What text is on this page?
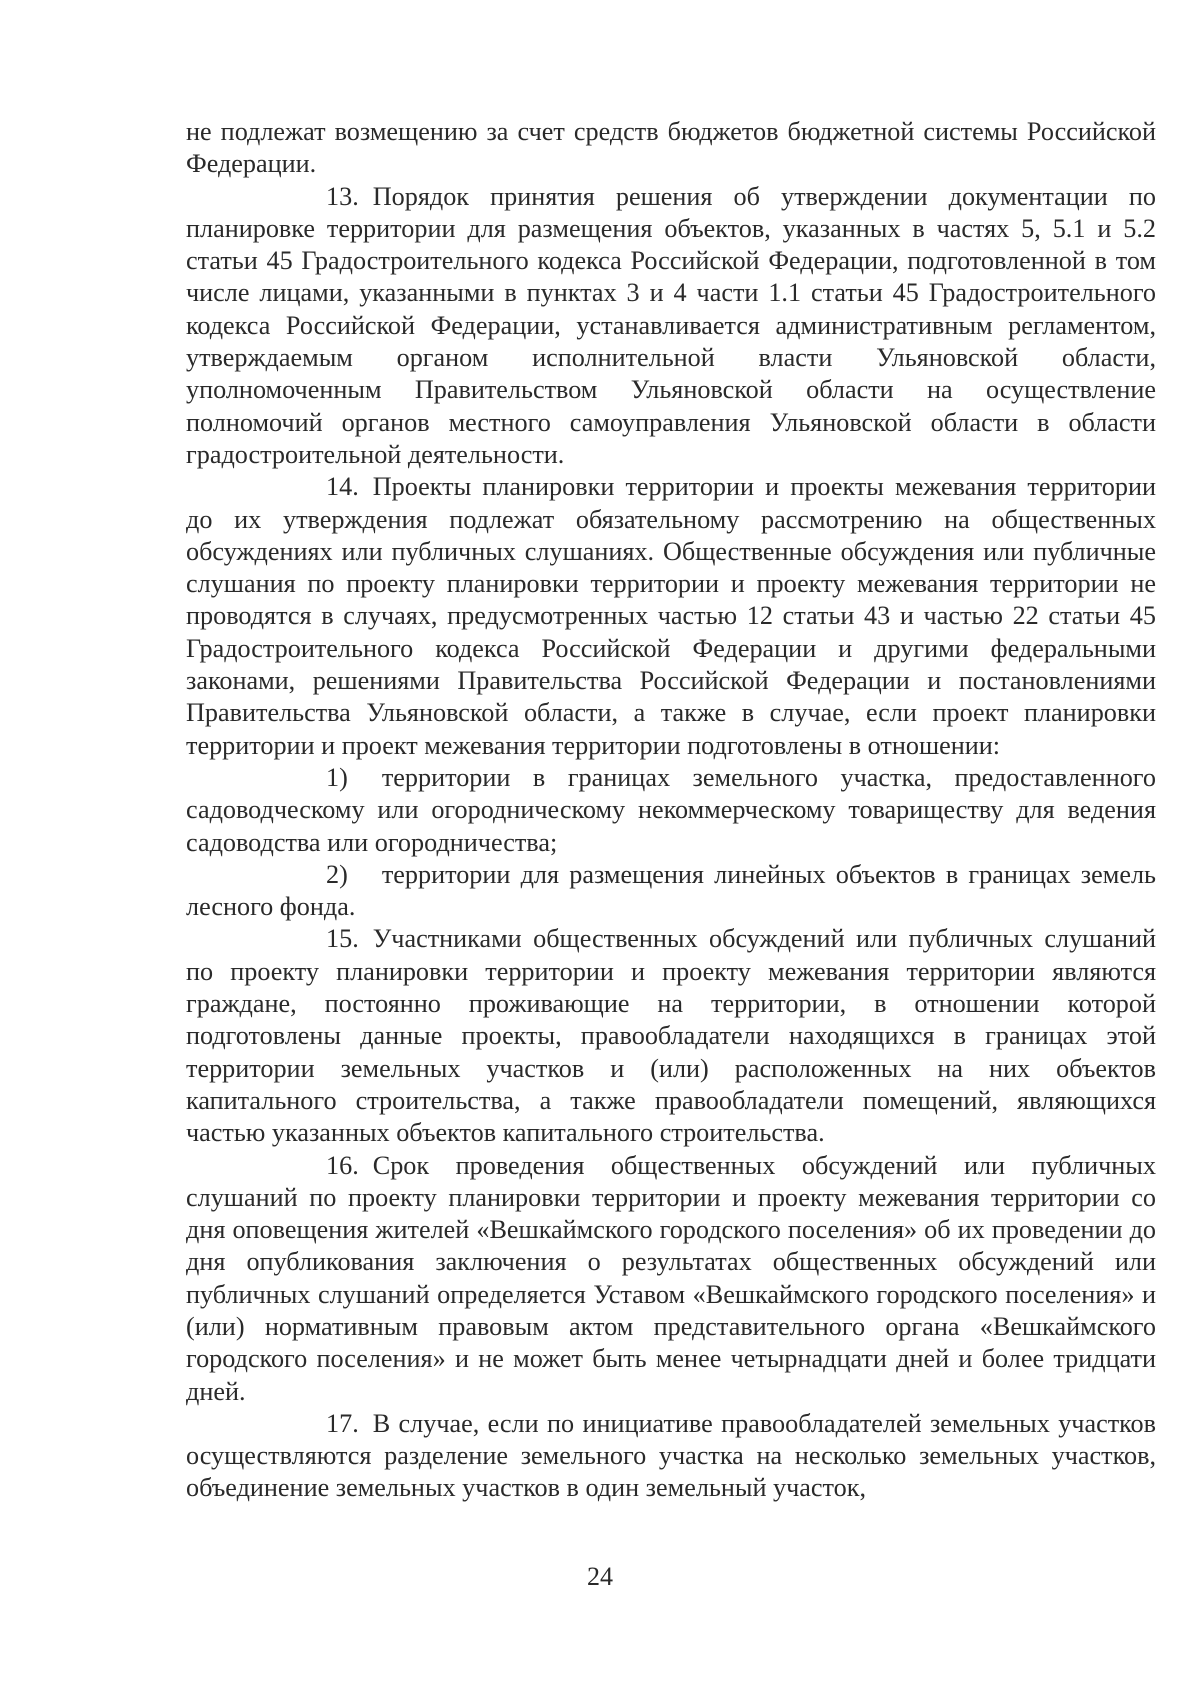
не подлежат возмещению за счет средств бюджетов бюджетной системы Российской Федерации.

13. Порядок принятия решения об утверждении документации по планировке территории для размещения объектов, указанных в частях 5, 5.1 и 5.2 статьи 45 Градостроительного кодекса Российской Федерации, подготовленной в том числе лицами, указанными в пунктах 3 и 4 части 1.1 статьи 45 Градостроительного кодекса Российской Федерации, устанавливается административным регламентом, утверждаемым органом исполнительной власти Ульяновской области, уполномоченным Правительством Ульяновской области на осуществление полномочий органов местного самоуправления Ульяновской области в области градостроительной деятельности.

14. Проекты планировки территории и проекты межевания территории до их утверждения подлежат обязательному рассмотрению на общественных обсуждениях или публичных слушаниях. Общественные обсуждения или публичные слушания по проекту планировки территории и проекту межевания территории не проводятся в случаях, предусмотренных частью 12 статьи 43 и частью 22 статьи 45 Градостроительного кодекса Российской Федерации и другими федеральными законами, решениями Правительства Российской Федерации и постановлениями Правительства Ульяновской области, а также в случае, если проект планировки территории и проект межевания территории подготовлены в отношении:

1) территории в границах земельного участка, предоставленного садоводческому или огородническому некоммерческому товариществу для ведения садоводства или огородничества;

2) территории для размещения линейных объектов в границах земель лесного фонда.

15. Участниками общественных обсуждений или публичных слушаний по проекту планировки территории и проекту межевания территории являются граждане, постоянно проживающие на территории, в отношении которой подготовлены данные проекты, правообладатели находящихся в границах этой территории земельных участков и (или) расположенных на них объектов капитального строительства, а также правообладатели помещений, являющихся частью указанных объектов капитального строительства.

16. Срок проведения общественных обсуждений или публичных слушаний по проекту планировки территории и проекту межевания территории со дня оповещения жителей «Вешкаймского городского поселения» об их проведении до дня опубликования заключения о результатах общественных обсуждений или публичных слушаний определяется Уставом «Вешкаймского городского поселения» и (или) нормативным правовым актом представительного органа «Вешкаймского городского поселения» и не может быть менее четырнадцати дней и более тридцати дней.

17. В случае, если по инициативе правообладателей земельных участков осуществляются разделение земельного участка на несколько земельных участков, объединение земельных участков в один земельный участок,

24
